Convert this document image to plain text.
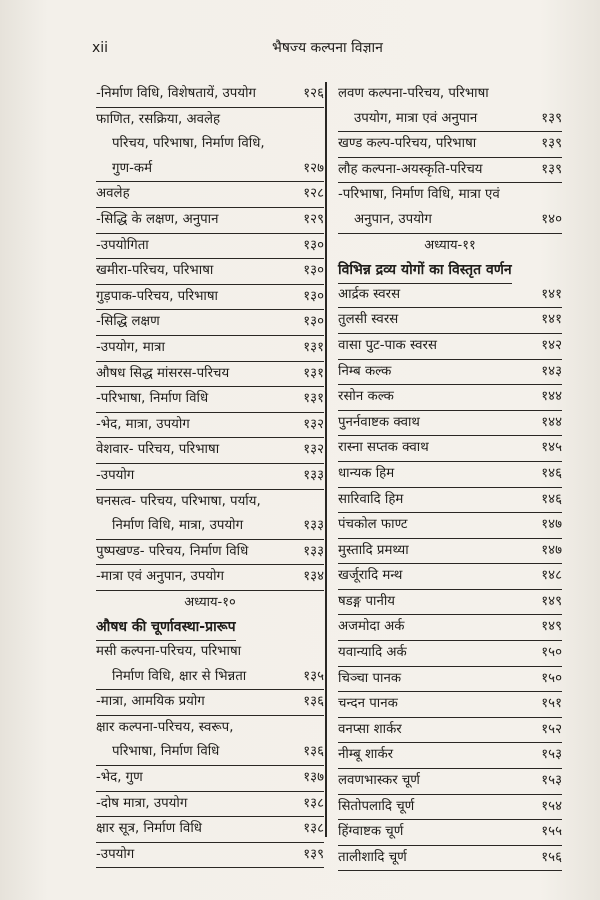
xii	भैषज्य कल्पना विज्ञान
-निर्माण विधि, विशेषतायें, उपयोग	१२६
फाणित, रसक्रिया, अवलेह
परिचय, परिभाषा, निर्माण विधि,
गुण-कर्म	१२७
अवलेह	१२८
-सिद्धि के लक्षण, अनुपान	१२९
-उपयोगिता	१३०
खमीरा-परिचय, परिभाषा	१३०
गुड़पाक-परिचय, परिभाषा	१३०
-सिद्धि लक्षण	१३०
-उपयोग, मात्रा	१३१
औषध सिद्ध मांसरस-परिचय	१३१
-परिभाषा, निर्माण विधि	१३१
-भेद, मात्रा, उपयोग	१३२
वेशवार- परिचय, परिभाषा	१३२
-उपयोग	१३३
घनसत्व- परिचय, परिभाषा, पर्याय,
निर्माण विधि, मात्रा, उपयोग	१३३
पुष्पखण्ड- परिचय, निर्माण विधि	१३३
-मात्रा एवं अनुपान, उपयोग	१३४
अध्याय-१०
औषध की चूर्णावस्था-प्रारूप
मसी कल्पना-परिचय, परिभाषा
निर्माण विधि, क्षार से भिन्नता	१३५
-मात्रा, आमयिक प्रयोग	१३६
क्षार कल्पना-परिचय, स्वरूप,
परिभाषा, निर्माण विधि	१३६
-भेद, गुण	१३७
-दोष मात्रा, उपयोग	१३८
क्षार सूत्र, निर्माण विधि	१३८
-उपयोग	१३९
लवण कल्पना-परिचय, परिभाषा
उपयोग, मात्रा एवं अनुपान	१३९
खण्ड कल्प-परिचय, परिभाषा	१३९
लौह कल्पना-अयस्कृति-परिचय	१३९
-परिभाषा, निर्माण विधि, मात्रा एवं
अनुपान, उपयोग	१४०
अध्याय-११
विभिन्न द्रव्य योगों का विस्तृत वर्णन
आर्द्रक स्वरस	१४१
तुलसी स्वरस	१४१
वासा पुट-पाक स्वरस	१४२
निम्ब कल्क	१४३
रसोन कल्क	१४४
पुनर्नवाष्टक क्वाथ	१४४
रास्ना सप्तक क्वाथ	१४५
धान्यक हिम	१४६
सारिवादि हिम	१४६
पंचकोल फाण्ट	१४७
मुस्तादि प्रमथ्या	१४७
खर्जूरादि मन्थ	१४८
षडङ्ग पानीय	१४९
अजमोदा अर्क	१४९
यवान्यादि अर्क	१५०
चिञ्चा पानक	१५०
चन्दन पानक	१५१
वनप्सा शार्कर	१५२
नीम्बू शार्कर	१५३
लवणभास्कर चूर्ण	१५३
सितोपलादि चूर्ण	१५४
हिंग्वाष्टक चूर्ण	१५५
तालीशादि चूर्ण	१५६
